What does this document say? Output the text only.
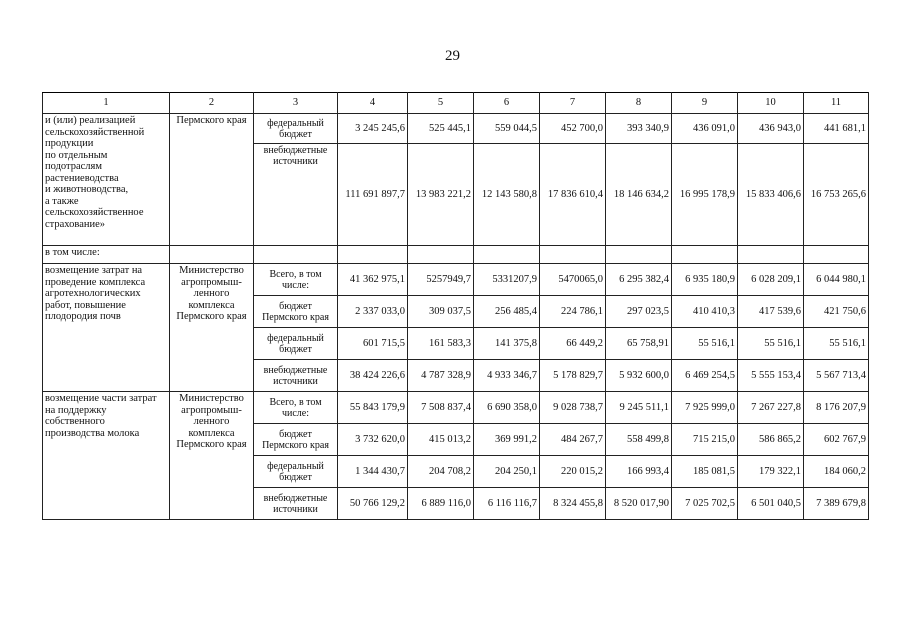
29
1	2	3	4	5	6	7	8	9	10	11
и (или) реализацией сельскохозяйственной продукции
по отдельным подотраслям растениеводства
и животноводства,
а также сельскохозяйственное страхование»	Пермского края	федеральный бюджет	3 245 245,6	525 445,1	559 044,5	452 700,0	393 340,9	436 091,0	436 943,0	441 681,1
		внебюджетные источники	111 691 897,7	13 983 221,2	12 143 580,8	17 836 610,4	18 146 634,2	16 995 178,9	15 833 406,6	16 753 265,6
в том числе:										
возмещение затрат на проведение комплекса агротехнологических работ, повышение плодородия почв	Министерство агропромыш-ленного комплекса Пермского края	Всего, в том числе:	41 362 975,1	5257949,7	5331207,9	5470065,0	6 295 382,4	6 935 180,9	6 028 209,1	6 044 980,1
		бюджет Пермского края	2 337 033,0	309 037,5	256 485,4	224 786,1	297 023,5	410 410,3	417 539,6	421 750,6
		федеральный бюджет	601 715,5	161 583,3	141 375,8	66 449,2	65 758,91	55 516,1	55 516,1	55 516,1
		внебюджетные источники	38 424 226,6	4 787 328,9	4 933 346,7	5 178 829,7	5 932 600,0	6 469 254,5	5 555 153,4	5 567 713,4
возмещение части затрат на поддержку собственного производства молока	Министерство агропромыш-ленного комплекса Пермского края	Всего, в том числе:	55 843 179,9	7 508 837,4	6 690 358,0	9 028 738,7	9 245 511,1	7 925 999,0	7 267 227,8	8 176 207,9
		бюджет Пермского края	3 732 620,0	415 013,2	369 991,2	484 267,7	558 499,8	715 215,0	586 865,2	602 767,9
		федеральный бюджет	1 344 430,7	204 708,2	204 250,1	220 015,2	166 993,4	185 081,5	179 322,1	184 060,2
		внебюджетные источники	50 766 129,2	6 889 116,0	6 116 116,7	8 324 455,8	8 520 017,90	7 025 702,5	6 501 040,5	7 389 679,8
